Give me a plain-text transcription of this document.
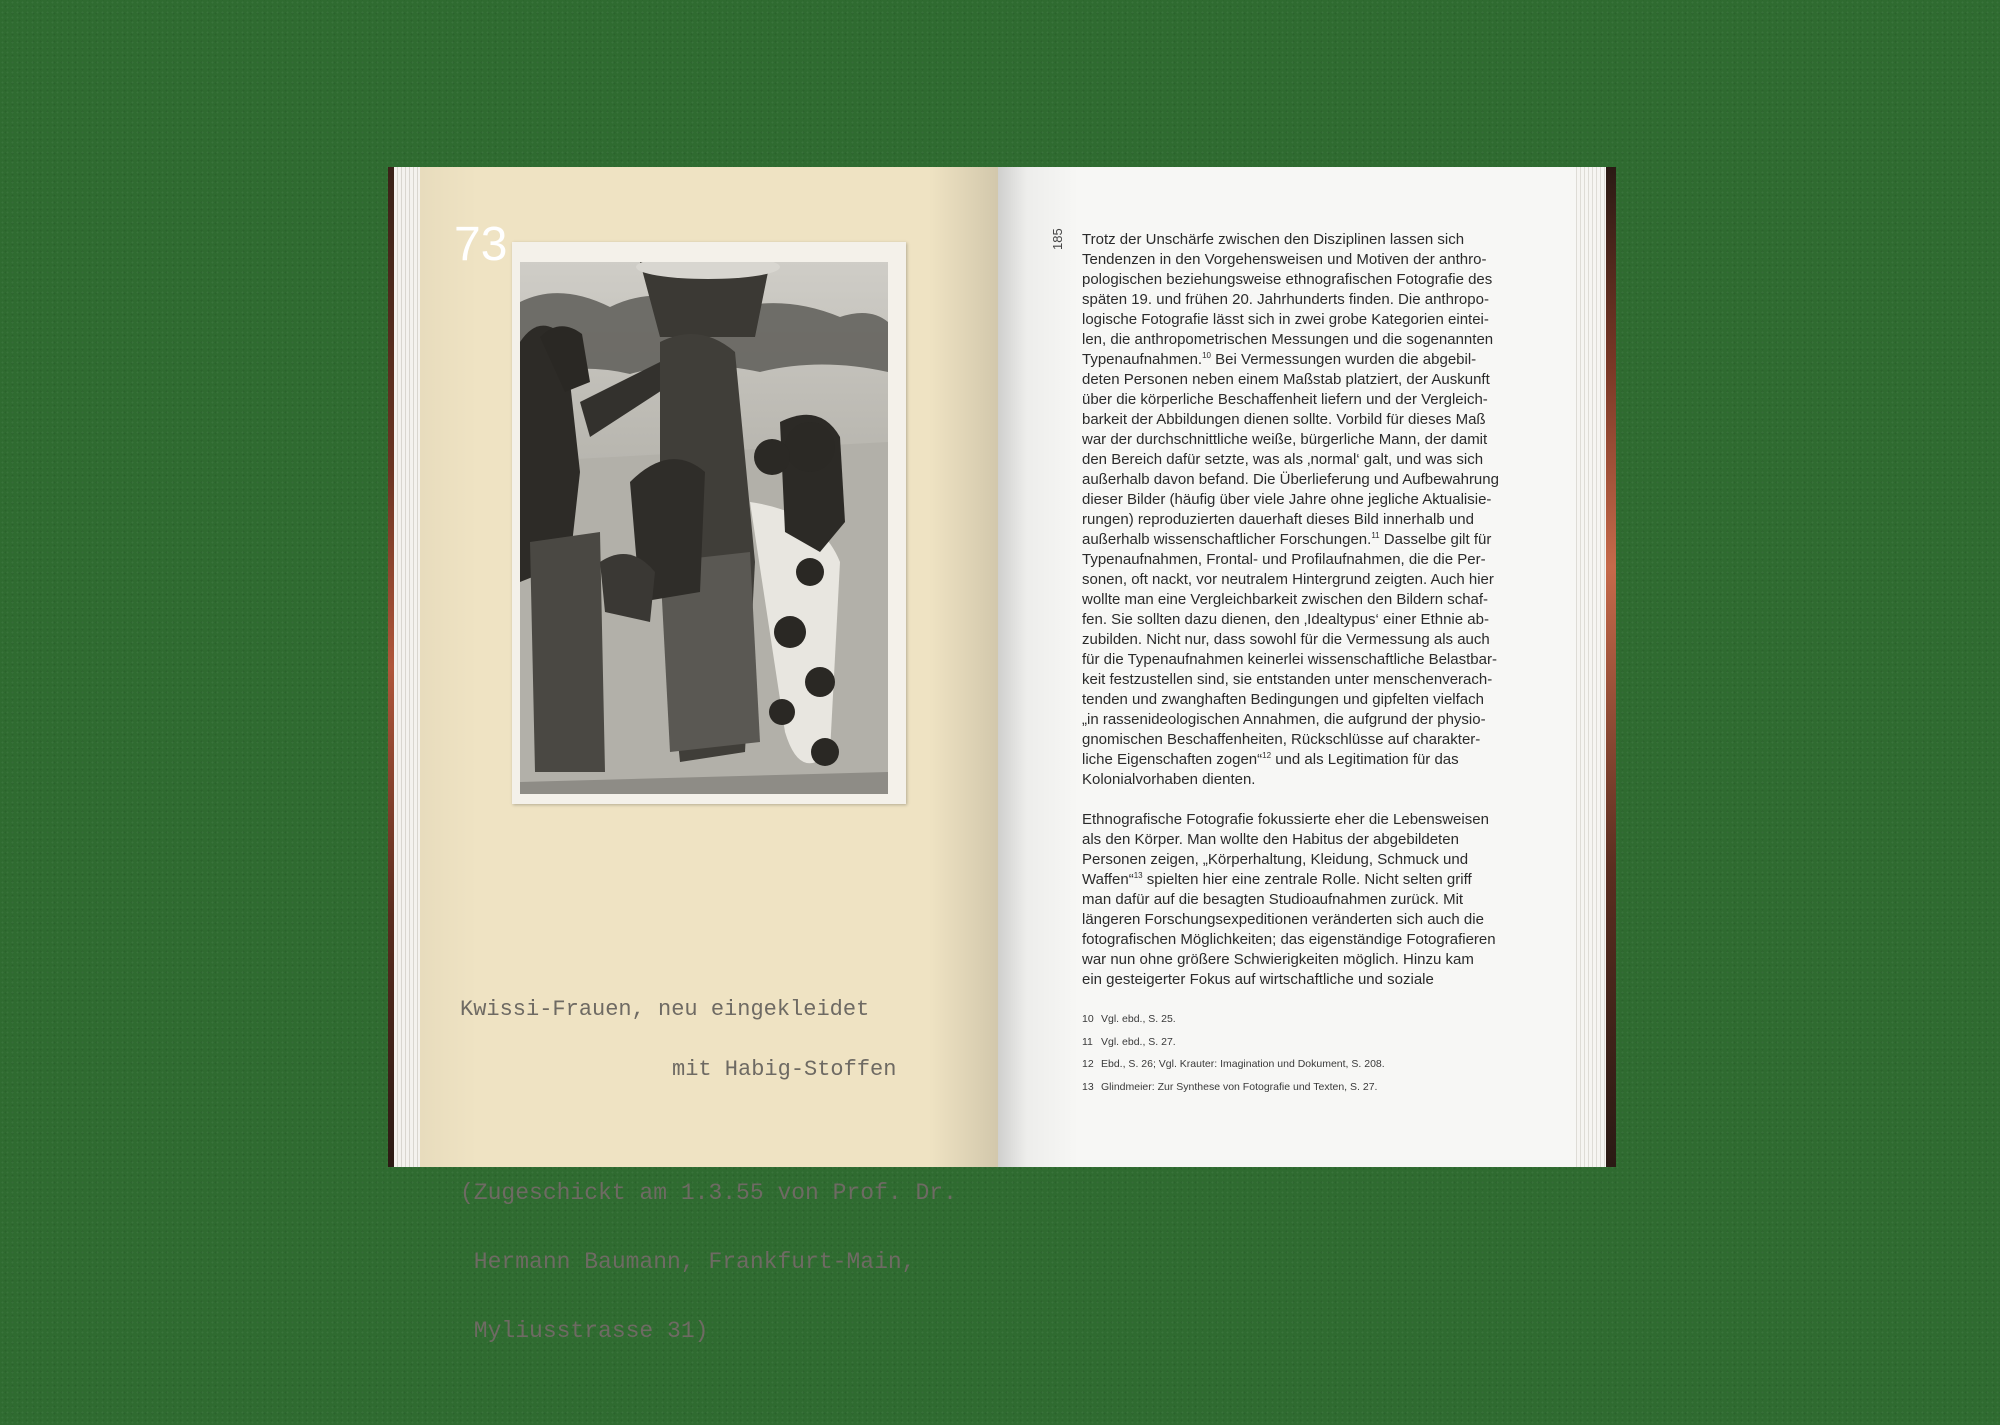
73

Kwissi-Frauen, neu eingekleidet

mit Habig-Stoffen

(Zugeschickt am 1.3.55 von Prof. Dr.

Hermann Baumann, Frankfurt-Main,

Myliusstrasse 31)

185 Trotz der Unschärfe zwischen den Disziplinen lassen sich
Tendenzen in den Vorgehensweisen und Motiven der anthro-
pologischen beziehungsweise ethnografischen Fotografie des
späten 19. und frühen 20. Jahrhunderts finden. Die anthropo-
logische Fotografie lässt sich in zwei grobe Kategorien eintei-
len, die anthropometrischen Messungen und die sogenannten
Typenaufnahmen.$^{10}$ Bei Vermessungen wurden die abgebil-
deten Personen neben einem Maßstab platziert, der Auskunft
über die körperliche Beschaffenheit liefern und der Vergleich-
barkeit der Abbildungen dienen sollte. Vorbild für dieses Maß
war der durchschnittliche weiße, bürgerliche Mann, der damit
den Bereich dafür setzte, was als ‚normal‘ galt, und was sich
außerhalb davon befand. Die Überlieferung und Aufbewahrung
dieser Bilder (häufig über viele Jahre ohne jegliche Aktualisie-
rungen) reproduzierten dauerhaft dieses Bild innerhalb und
außerhalb wissenschaftlicher Forschungen.$^{11}$ Dasselbe gilt für
Typenaufnahmen, Frontal- und Profilaufnahmen, die die Per-
sonen, oft nackt, vor neutralem Hintergrund zeigten. Auch hier
wollte man eine Vergleichbarkeit zwischen den Bildern schaf-
fen. Sie sollten dazu dienen, den ‚Idealtypus‘ einer Ethnie ab-
zubilden. Nicht nur, dass sowohl für die Vermessung als auch
für die Typenaufnahmen keinerlei wissenschaftliche Belastbar-
keit festzustellen sind, sie entstanden unter menschenverach-
tenden und zwanghaften Bedingungen und gipfelten vielfach
„in rassenideologischen Annahmen, die aufgrund der physio-
gnomischen Beschaffenheiten, Rückschlüsse auf charakter-
liche Eigenschaften zogen“$^{12}$ und als Legitimation für das
Kolonialvorhaben dienten.
Ethnografische Fotografie fokussierte eher die Lebensweisen
als den Körper. Man wollte den Habitus der abgebildeten
Personen zeigen, „Körperhaltung, Kleidung, Schmuck und
Waffen“$^{13}$ spielten hier eine zentrale Rolle. Nicht selten griff
man dafür auf die besagten Studioaufnahmen zurück. Mit
längeren Forschungsexpeditionen veränderten sich auch die
fotografischen Möglichkeiten; das eigenständige Fotografieren
war nun ohne größere Schwierigkeiten möglich. Hinzu kam
ein gesteigerter Fokus auf wirtschaftliche und soziale
10 Vgl. ebd., S. 25.
11 Vgl. ebd., S. 27.
12 Ebd., S. 26; Vgl. Krauter: Imagination und Dokument, S. 208.
13 Glindmeier: Zur Synthese von Fotografie und Texten, S. 27.
